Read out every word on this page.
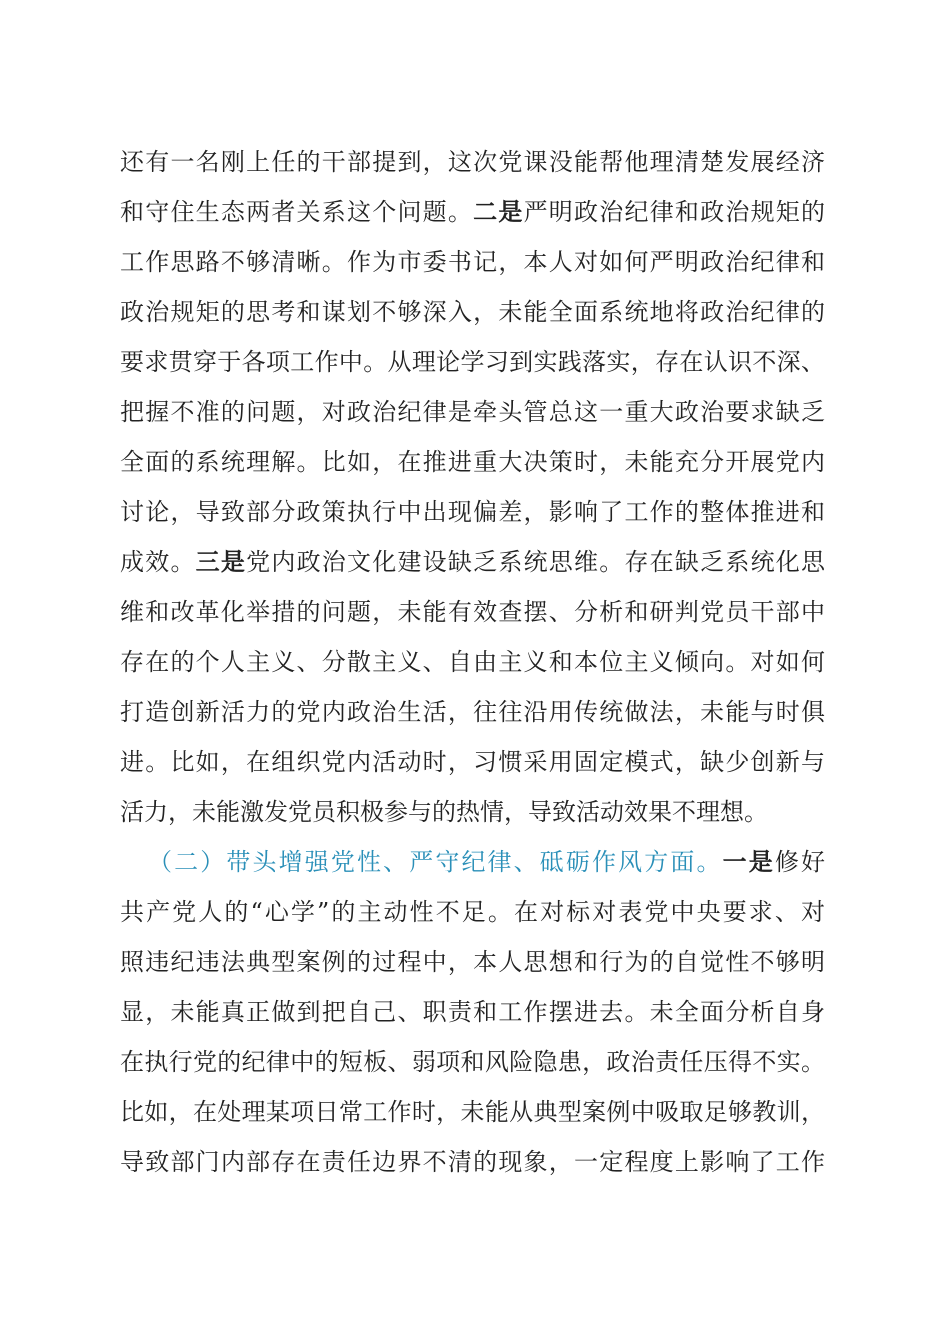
还有一名刚上任的干部提到，这次党课没能帮他理清楚发展经济
和守住生态两者关系这个问题。二是严明政治纪律和政治规矩的
工作思路不够清晰。作为市委书记，本人对如何严明政治纪律和
政治规矩的思考和谋划不够深入，未能全面系统地将政治纪律的
要求贯穿于各项工作中。从理论学习到实践落实，存在认识不深、
把握不准的问题，对政治纪律是牵头管总这一重大政治要求缺乏
全面的系统理解。比如，在推进重大决策时，未能充分开展党内
讨论，导致部分政策执行中出现偏差，影响了工作的整体推进和
成效。三是党内政治文化建设缺乏系统思维。存在缺乏系统化思
维和改革化举措的问题，未能有效查摆、分析和研判党员干部中
存在的个人主义、分散主义、自由主义和本位主义倾向。对如何
打造创新活力的党内政治生活，往往沿用传统做法，未能与时俱
进。比如，在组织党内活动时，习惯采用固定模式，缺少创新与
活力，未能激发党员积极参与的热情，导致活动效果不理想。
（二）带头增强党性、严守纪律、砥砺作风方面。一是修好
共产党人的“心学”的主动性不足。在对标对表党中央要求、对
照违纪违法典型案例的过程中，本人思想和行为的自觉性不够明
显，未能真正做到把自己、职责和工作摆进去。未全面分析自身
在执行党的纪律中的短板、弱项和风险隐患，政治责任压得不实。
比如，在处理某项日常工作时，未能从典型案例中吸取足够教训，
导致部门内部存在责任边界不清的现象，一定程度上影响了工作
